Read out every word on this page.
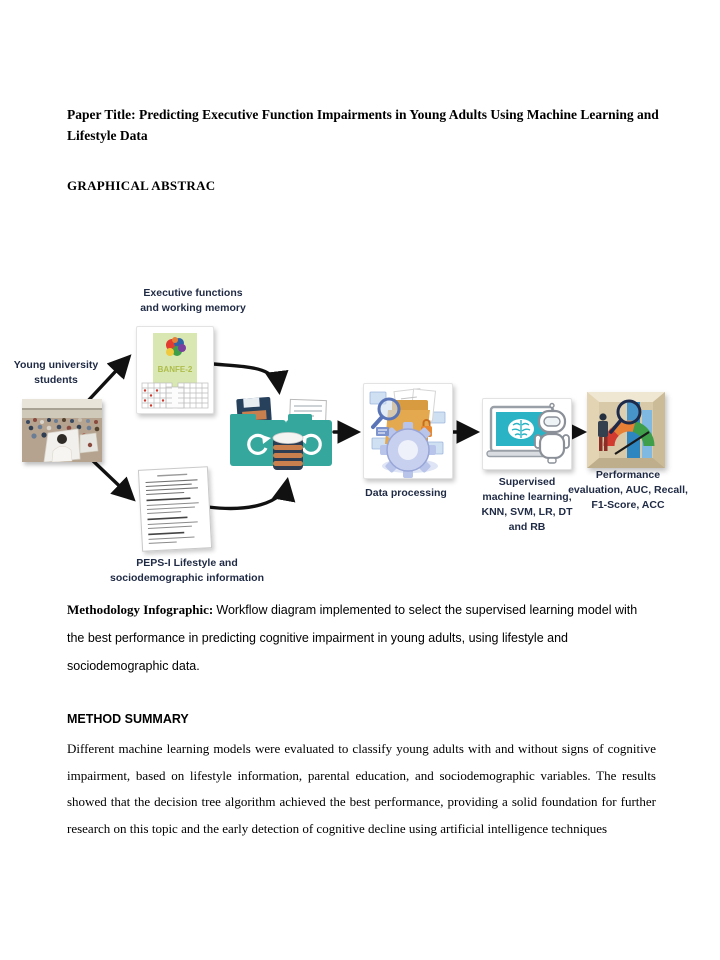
Paper Title: Predicting Executive Function Impairments in Young Adults Using Machine Learning and Lifestyle Data
GRAPHICAL ABSTRAC
Executive functions
and working memory
Young university
students
PEPS-I Lifestyle and
sociodemographic information
Data processing
Supervised
machine learning,
KNN, SVM, LR, DT
and RB
Performance
evaluation, AUC, Recall,
F1-Score, ACC
BANFE-2
Methodology Infographic: Workflow diagram implemented to select the supervised learning model with the best performance in predicting cognitive impairment in young adults, using lifestyle and sociodemographic data.
METHOD SUMMARY
Different machine learning models were evaluated to classify young adults with and without signs of cognitive impairment, based on lifestyle information, parental education, and sociodemographic variables. The results showed that the decision tree algorithm achieved the best performance, providing a solid foundation for further research on this topic and the early detection of cognitive decline using artificial intelligence techniques
